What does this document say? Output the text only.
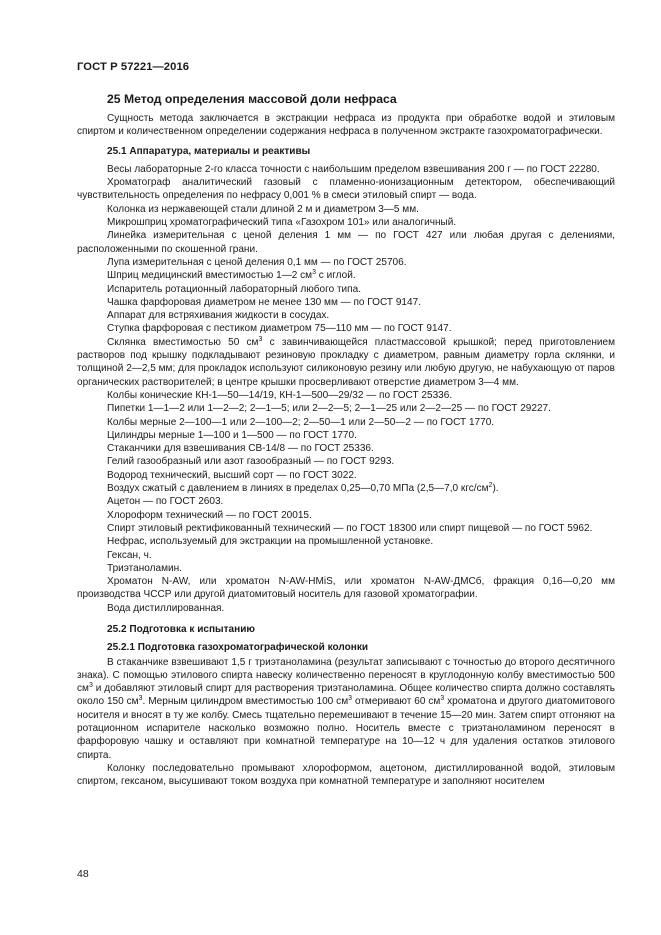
ГОСТ Р 57221—2016
25 Метод определения массовой доли нефраса

Сущность метода заключается в экстракции нефраса из продукта при обработке водой и этиловым спиртом и количественном определении содержания нефраса в полученном экстракте газохроматографически.

25.1 Аппаратура, материалы и реактивы

Весы лабораторные 2-го класса точности с наибольшим пределом взвешивания 200 г — по ГОСТ 22280.

Хроматограф аналитический газовый с пламенно-ионизационным детектором, обеспечивающий чувствительность определения по нефрасу 0,001 % в смеси этиловый спирт — вода.

Колонка из нержавеющей стали длиной 2 м и диаметром 3—5 мм.

Микрошприц хроматографический типа «Газохром 101» или аналогичный.

Линейка измерительная с ценой деления 1 мм — по ГОСТ 427 или любая другая с делениями, расположенными по скошенной грани.

Лупа измерительная с ценой деления 0,1 мм — по ГОСТ 25706.

Шприц медицинский вместимостью 1—2 $см^3$ с иглой.

Испаритель ротационный лабораторный любого типа.

Чашка фарфоровая диаметром не менее 130 мм — по ГОСТ 9147.

Аппарат для встряхивания жидкости в сосудах.

Ступка фарфоровая с пестиком диаметром 75—110 мм — по ГОСТ 9147.

Склянка вместимостью 50 $см^3$ с завинчивающейся пластмассовой крышкой; перед приготовлением растворов под крышку подкладывают резиновую прокладку с диаметром, равным диаметру горла склянки, и толщиной 2—2,5 мм; для прокладок используют силиконовую резину или любую другую, не набухающую от паров органических растворителей; в центре крышки просверливают отверстие диаметром 3—4 мм.

Колбы конические КН-1—50—14/19, КН-1—500—29/32 — по ГОСТ 25336.

Пипетки 1—1—2 или 1—2—2; 2—1—5; или 2—2—5; 2—1—25 или 2—2—25 — по ГОСТ 29227.

Колбы мерные 2—100—1 или 2—100—2; 2—50—1 или 2—50—2 — по ГОСТ 1770.

Цилиндры мерные 1—100 и 1—500 — по ГОСТ 1770.

Стаканчики для взвешивания СВ-14/8 — по ГОСТ 25336.

Гелий газообразный или азот газообразный — по ГОСТ 9293.

Водород технический, высший сорт — по ГОСТ 3022.

Воздух сжатый с давлением в линиях в пределах 0,25—0,70 МПа (2,5—7,0 кгс/$см^2$).

Ацетон — по ГОСТ 2603.

Хлороформ технический — по ГОСТ 20015.

Спирт этиловый ректификованный технический — по ГОСТ 18300 или спирт пищевой — по ГОСТ 5962.

Нефрас, используемый для экстракции на промышленной установке.

Гексан, ч.

Триэтаноламин.

Хроматон N-AW, или хроматон N-AW-HMiS, или хроматон N-AW-ДМСб, фракция 0,16—0,20 мм производства ЧССР или другой диатомитовый носитель для газовой хроматографии.

Вода дистиллированная.

25.2 Подготовка к испытанию
25.2.1 Подготовка газохроматографической колонки

В стаканчике взвешивают 1,5 г триэтаноламина (результат записывают с точностью до второго десятичного знака). С помощью этилового спирта навеску количественно переносят в круглодонную колбу вместимостью 500 $см^3$ и добавляют этиловый спирт для растворения триэтаноламина. Общее количество спирта должно составлять около 150 $см^3$. Мерным цилиндром вместимостью 100 $см^3$ отмеривают 60 $см^3$ хроматона и другого диатомитового носителя и вносят в ту же колбу. Смесь тщательно перемешивают в течение 15—20 мин. Затем спирт отгоняют на ротационном испарителе насколько возможно полно. Носитель вместе с триэтаноламином переносят в фарфоровую чашку и оставляют при комнатной температуре на 10—12 ч для удаления остатков этилового спирта.

Колонку последовательно промывают хлороформом, ацетоном, дистиллированной водой, этиловым спиртом, гексаном, высушивают током воздуха при комнатной температуре и заполняют носителем

48
